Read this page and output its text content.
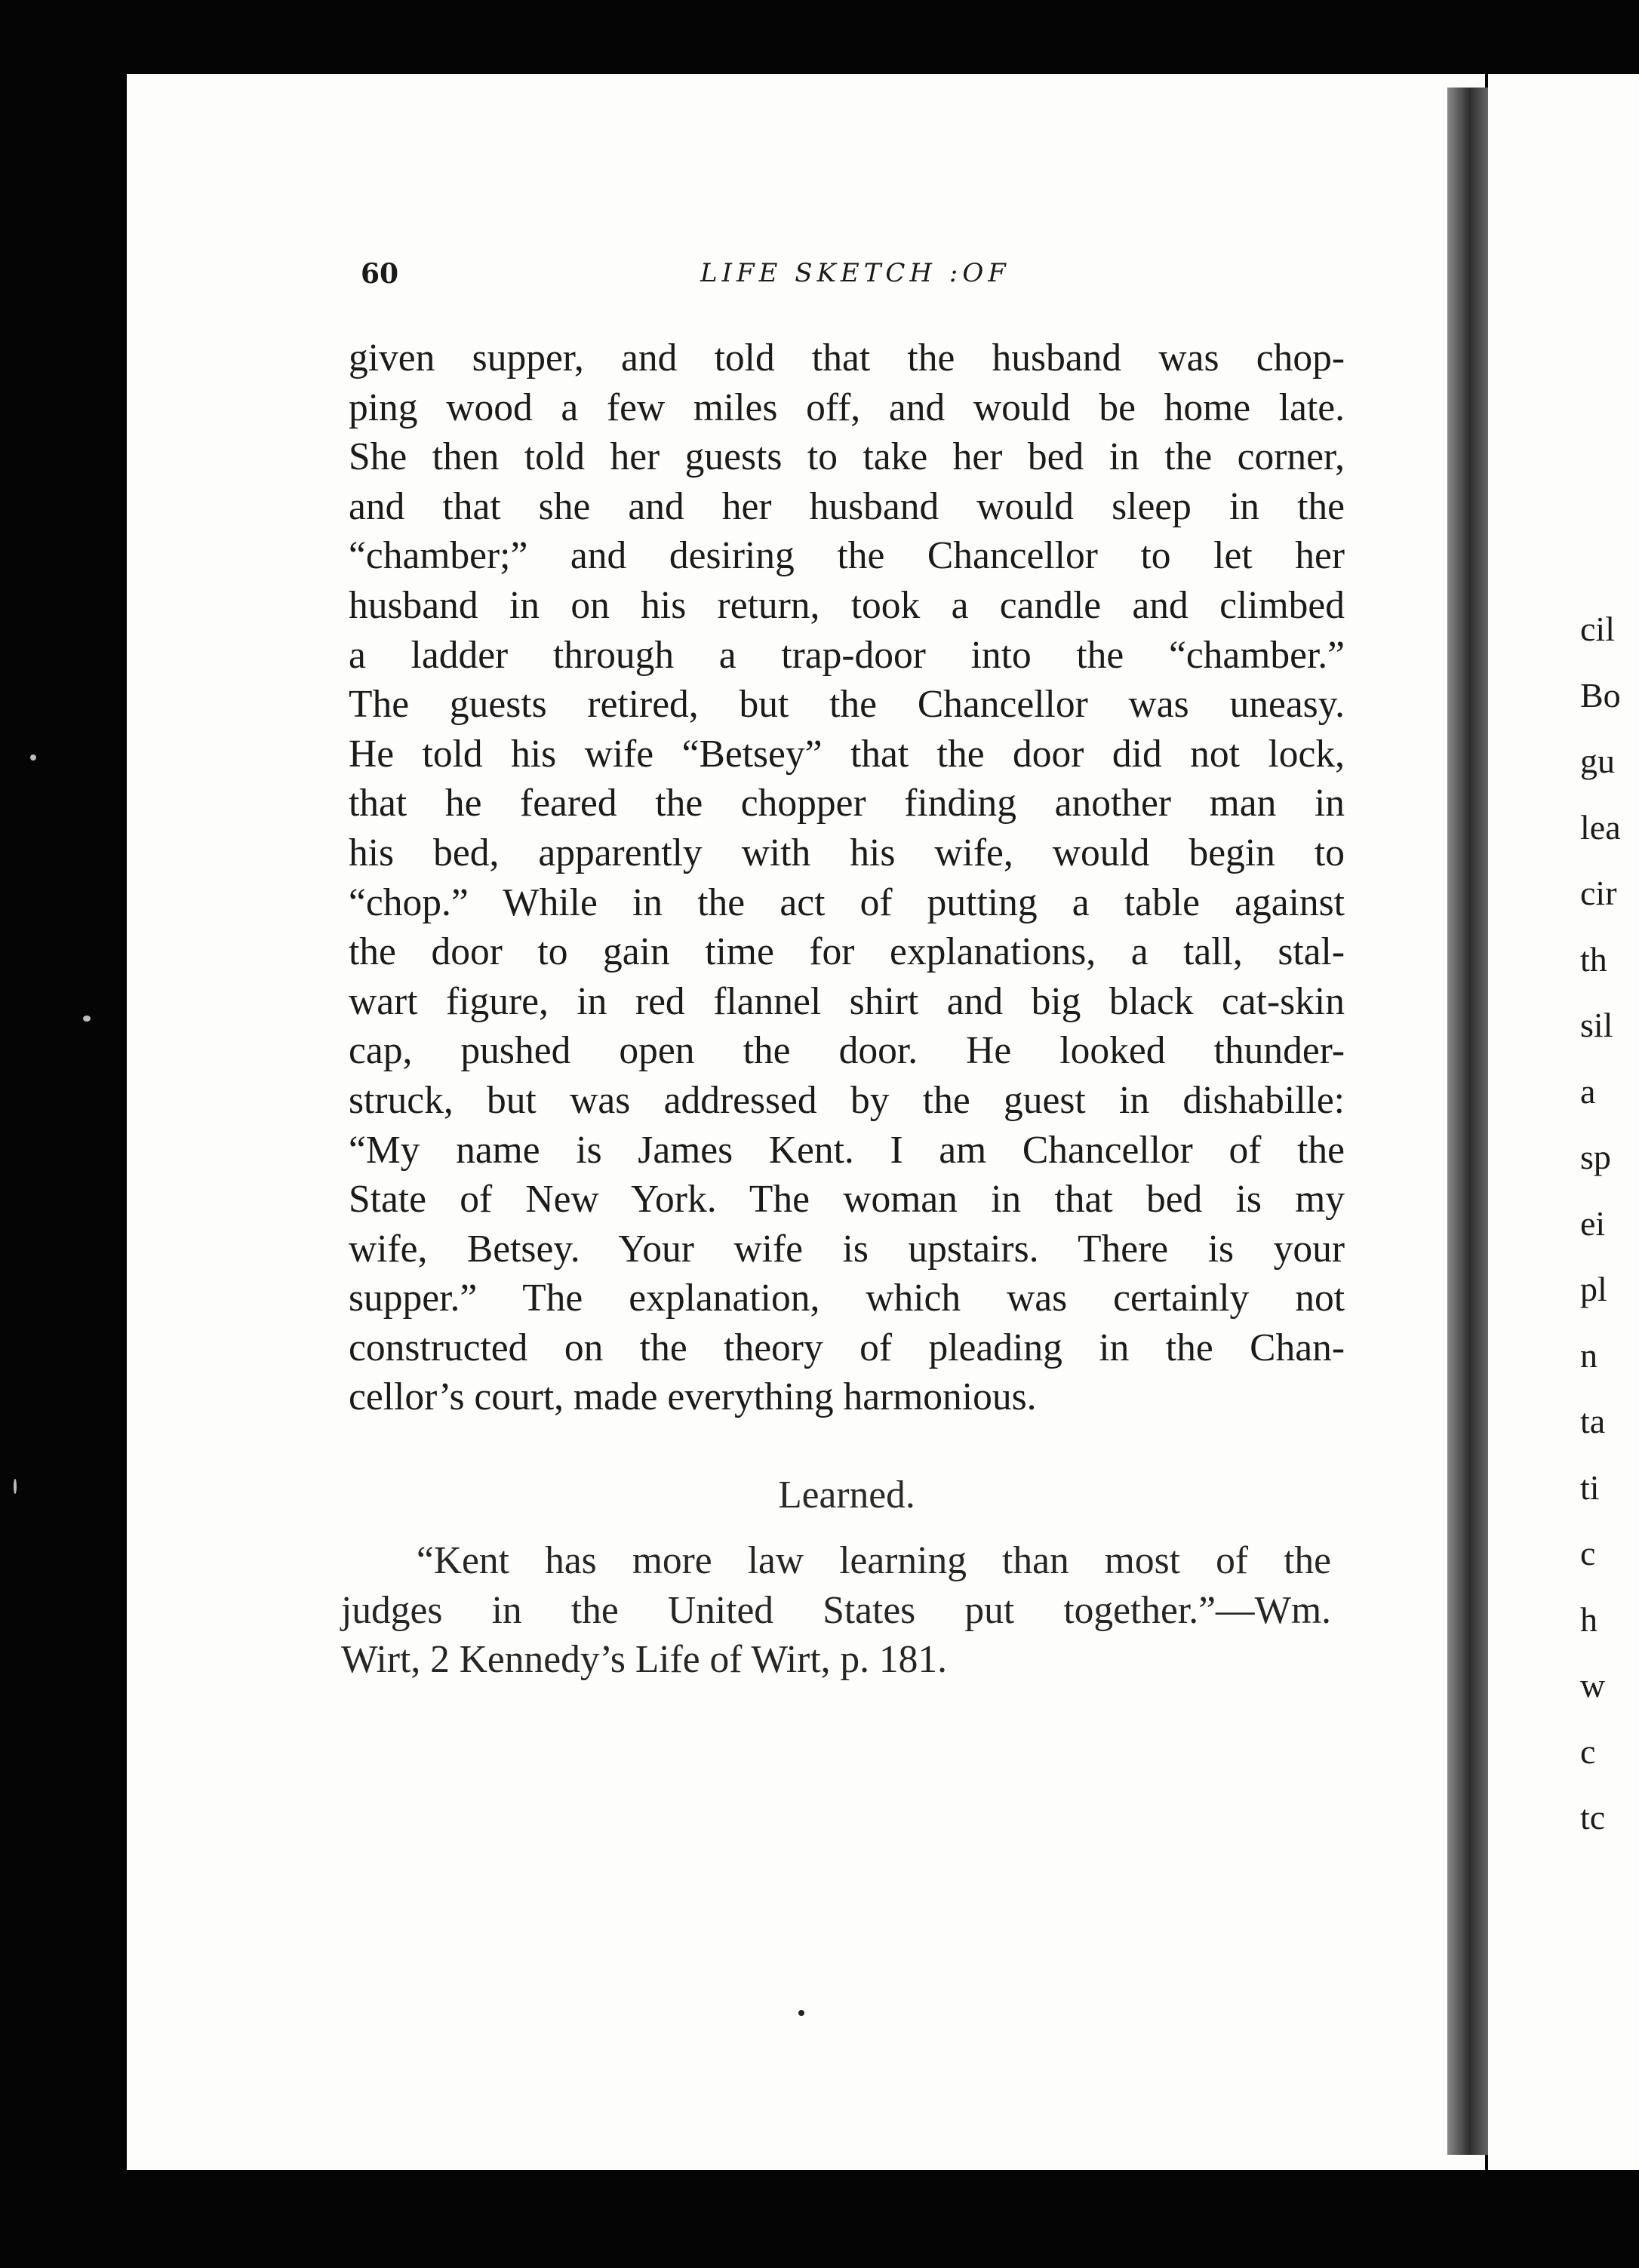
60	LIFE SKETCH :OF
given supper, and told that the husband was chop-
ping wood a few miles off, and would be home late.
She then told her guests to take her bed in the corner,
and that she and her husband would sleep in the
“chamber;” and desiring the Chancellor to let her
husband in on his return, took a candle and climbed
a ladder through a trap-door into the “chamber.”
The guests retired, but the Chancellor was uneasy.
He told his wife “Betsey” that the door did not lock,
that he feared the chopper finding another man in
his bed, apparently with his wife, would begin to
“chop.” While in the act of putting a table against
the door to gain time for explanations, a tall, stal-
wart figure, in red flannel shirt and big black cat-skin
cap, pushed open the door. He looked thunder-
struck, but was addressed by the guest in dishabille:
“My name is James Kent. I am Chancellor of the
State of New York. The woman in that bed is my
wife, Betsey. Your wife is upstairs. There is your
supper.” The explanation, which was certainly not
constructed on the theory of pleading in the Chan-
cellor’s court, made everything harmonious.
Learned.
“Kent has more law learning than most of the
judges in the United States put together.”—Wm.
Wirt, 2 Kennedy’s Life of Wirt, p. 181.
cil
Bo
gu
lea
cir
th
sil
a
sp
ei
pl
n
ta
ti
c
h
w
c
tc
